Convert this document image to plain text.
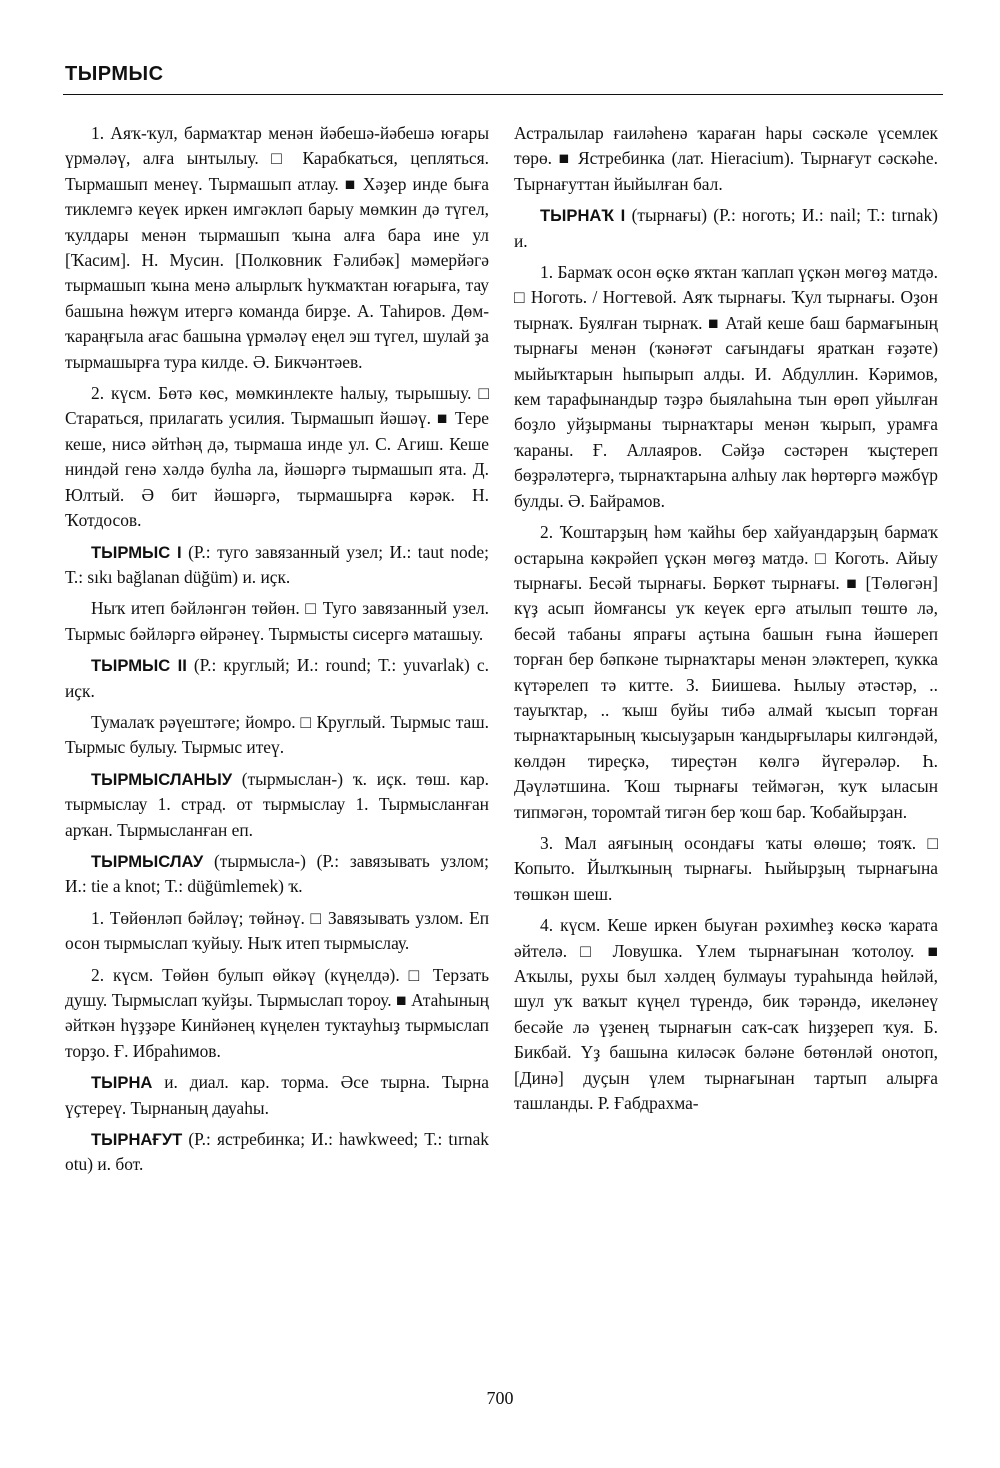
ТЫРМЫС

1. Аяҡ-ҡул, бармаҡтар менән йәбешә-йәбешә юғары үрмәләү, алға ынтылыу. □ Карабкаться, цепляться. Тырмашып менеү. Тырмашып атлау. ■ Хәҙер инде быға тиклемгә кеүек иркен имгәкләп барыу мөмкин дә түгел, ҡулдары менән тырмашып ҡына алға бара ине ул [Ҡасим]. Н. Мусин. [Полковник Ғәлибәк] мәмерйәгә тырмашып ҡына менә алырлыҡ һуҡмаҡтан юғарыға, тау башына һөжүм итергә команда бирҙе. А. Таһиров. Дөм-ҡараңғыла ағас башына үрмәләү еңел эш түгел, шулай ҙа тырмашырға тура килде. Ә. Бикчәнтәев.

2. күсм. Бөтә көс, мөмкинлекте һалыу, тырышыу. □ Стараться, прилагать усилия. Тырмашып йәшәү. ■ Тере кеше, нисә әйтһәң дә, тырмаша инде ул. С. Агиш. Кеше ниндәй генә хәлдә булһа ла, йәшәргә тырмашып ята. Д. Юлтый. Ә бит йәшәргә, тырмашырға кәрәк. Н. Ҡотдосов.

ТЫРМЫС I (Р.: туго завязанный узел; И.: taut node; Т.: sıkı bağlanan düğüm) и. иҫк.

Ныҡ итеп бәйләнгән төйөн. □ Туго завязанный узел. Тырмыс бәйләргә өйрәнеү. Тырмысты сисергә маташыу.

ТЫРМЫС II (Р.: круглый; И.: round; Т.: yuvarlak) с. иҫк.

Тумалаҡ рәүештәге; йомро. □ Круглый. Тырмыс таш. Тырмыс булыу. Тырмыс итеү.

ТЫРМЫСЛАНЫУ (тырмыслан-) ҡ. иҫк. төш. кар. тырмыслау 1. страд. от тырмыслау 1. Тырмысланған арҡан. Тырмысланған еп.

ТЫРМЫСЛАУ (тырмысла-) (Р.: завязывать узлом; И.: tie a knot; Т.: düğümlemek) ҡ.

1. Төйөнләп бәйләү; төйнәү. □ Завязывать узлом. Еп осон тырмыслап ҡуйыу. Ныҡ итеп тырмыслау.

2. күсм. Төйөн булып өйкәү (күңелдә). □ Терзать душу. Тырмыслап ҡуйҙы. Тырмыслап тороу. ■ Атаһының әйткән һүҙҙәре Кинйәнең күңелен туктауһыҙ тырмыслап торҙо. Ғ. Ибраһимов.

ТЫРНА и. диал. кар. торма. Әсе тырна. Тырна үҫтереү. Тырнаның дауаһы.

ТЫРНАҒУТ (Р.: ястребинка; И.: hawkweed; Т.: tırnak otu) и. бот.

Астралылар ғаиләһенә ҡараған һары сәскәле үсемлек төрө. ■ Ястребинка (лат. Hieracium). Тырнағут сәскәһе. Тырнағуттан йыйылған бал.

ТЫРНАҠ I (тырнағы) (Р.: ноготь; И.: nail; Т.: tırnak) и.

1. Бармаҡ осон өҫкө яҡтан ҡаплап үҫкән мөгөҙ матдә. □ Ноготь. / Ногтевой. Аяҡ тырнағы. Ҡул тырнағы. Оҙон тырнаҡ. Буялған тырнаҡ. ■ Атай кеше баш бармағының тырнағы менән (ҡәнәғәт сағындағы яраткан ғәҙәте) мыйыҡтарын һыпырып алды. И. Абдуллин. Кәримов, кем тарафынандыр тәҙрә быялаһына тын өрөп уйылған боҙло уйҙырманы тырнаҡтары менән ҡырып, урамға ҡараны. Ғ. Аллаяров. Сәйҙә сәстәрен ҡыҫтереп бөҙрәләтергә, тырнаҡтарына алһыу лак һөртөргә мәжбүр булды. Ә. Байрамов.

2. Ҡоштарҙың һәм ҡайһы бер хайуандарҙың бармаҡ остарына кәкрәйеп үҫкән мөгөҙ матдә. □ Коготь. Айыу тырнағы. Бесәй тырнағы. Бөркөт тырнағы. ■ [Төлөгән] күҙ асып йомғансы уҡ кеүек ергә атылып төштө лә, бесәй табаны япрағы аҫтына башын ғына йәшереп торған бер бәпкәне тырнаҡтары менән эләктереп, ҡукка күтәрелеп тә китте. З. Биишева. Һылыу әтәстәр, .. тауыҡтар, .. ҡыш буйы тибә алмай ҡысып торған тырнаҡтарының ҡысыуҙарын ҡандырғылары килгәндәй, көлдән тиреҫкә, тиреҫтән көлгә йүгерәләр. Һ. Дәүләтшина. Ҡош тырнағы теймәгән, ҡуҡ ыласын типмәгән, торомтай тигән бер ҡош бар. Ҡобайырҙан.

3. Мал аяғының осондағы ҡаты өлөшө; тояҡ. □ Копыто. Йылҡының тырнағы. Һыйырҙың тырнағына төшкән шеш.

4. күсм. Кеше иркен быуған рәхимһеҙ көскә ҡарата әйтелә. □ Ловушка. Үлем тырнағынан ҡотолоу. ■ Аҡылы, рухы был хәлдең булмауы тураһында һөйләй, шул уҡ ваҡыт күңел түрендә, бик тәрәндә, икеләнеү бесәйе лә үҙенең тырнағын саҡ-саҡ һиҙҙереп ҡуя. Б. Бикбай. Үҙ башына киләсәк бәләне бөтөнләй онотоп, [Динә] дуҫын үлем тырнағынан тартып алырға ташланды. Р. Ғабдрахма-

700
